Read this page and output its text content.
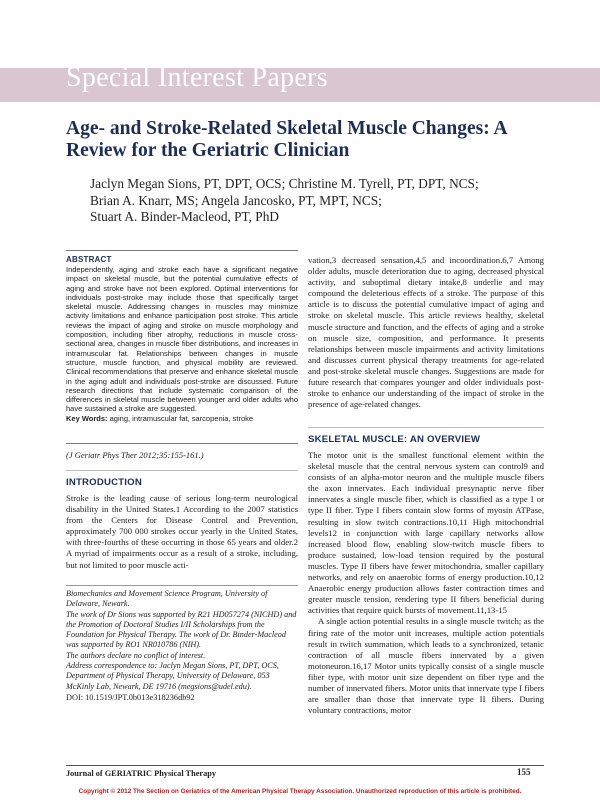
Special Interest Papers
Age- and Stroke-Related Skeletal Muscle Changes: A Review for the Geriatric Clinician
Jaclyn Megan Sions, PT, DPT, OCS; Christine M. Tyrell, PT, DPT, NCS;
Brian A. Knarr, MS; Angela Jancosko, PT, MPT, NCS;
Stuart A. Binder-Macleod, PT, PhD
ABSTRACT

Independently, aging and stroke each have a significant negative impact on skeletal muscle, but the potential cumulative effects of aging and stroke have not been explored. Optimal interventions for individuals post-stroke may include those that specifically target skeletal muscle. Addressing changes in muscles may minimize activity limitations and enhance participation post stroke. This article reviews the impact of aging and stroke on muscle morphology and composition, including fiber atrophy, reductions in muscle cross-sectional area, changes in muscle fiber distributions, and increases in intramuscular fat. Relationships between changes in muscle structure, muscle function, and physical mobility are reviewed. Clinical recommendations that preserve and enhance skeletal muscle in the aging adult and individuals post-stroke are discussed. Future research directions that include systematic comparison of the differences in skeletal muscle between younger and older adults who have sustained a stroke are suggested.

Key Words: aging, intramuscular fat, sarcopenia, stroke

(J Geriatr Phys Ther 2012;35:155-161.)
INTRODUCTION

Stroke is the leading cause of serious long-term neurological disability in the United States.1 According to the 2007 statistics from the Centers for Disease Control and Prevention, approximately 700 000 strokes occur yearly in the United States, with three-fourths of these occurring in those 65 years and older.2 A myriad of impairments occur as a result of a stroke, including, but not limited to poor muscle acti-

Biomechanics and Movement Science Program, University of Delaware, Newark.

The work of Dr Sions was supported by R21 HD057274 (NICHD) and the Promotion of Doctoral Studies I/II Scholarships from the Foundation for Physical Therapy. The work of Dr. Binder-Macleod was supported by RO1 NR010786 (NIH).

The authors declare no conflict of interest.

Address correspondence to: Jaclyn Megan Sions, PT, DPT, OCS, Department of Physical Therapy, University of Delaware, 053 McKinly Lab, Newark, DE 19716 (megsions@udel.edu).

DOI: 10.1519/JPT.0b013e318236db92

vation,3 decreased sensation,4,5 and incoordination.6,7 Among older adults, muscle deterioration due to aging, decreased physical activity, and suboptimal dietary intake,8 underlie and may compound the deleterious effects of a stroke. The purpose of this article is to discuss the potential cumulative impact of aging and stroke on skeletal muscle. This article reviews healthy, skeletal muscle structure and function, and the effects of aging and a stroke on muscle size, composition, and performance. It presents relationships between muscle impairments and activity limitations and discusses current physical therapy treatments for age-related and post-stroke skeletal muscle changes. Suggestions are made for future research that compares younger and older individuals post-stroke to enhance our understanding of the impact of stroke in the presence of age-related changes.

SKELETAL MUSCLE: AN OVERVIEW

The motor unit is the smallest functional element within the skeletal muscle that the central nervous system can control9 and consists of an alpha-motor neuron and the multiple muscle fibers the axon innervates. Each individual presynaptic nerve fiber innervates a single muscle fiber, which is classified as a type I or type II fiber. Type I fibers contain slow forms of myosin ATPase, resulting in slow twitch contractions.10,11 High mitochondrial levels12 in conjunction with large capillary networks allow increased blood flow, enabling slow-twitch muscle fibers to produce sustained, low-load tension required by the postural muscles. Type II fibers have fewer mitochondria, smaller capillary networks, and rely on anaerobic forms of energy production.10,12 Anaerobic energy production allows faster contraction times and greater muscle tension, rendering type II fibers beneficial during activities that require quick bursts of movement.11,13-15

A single action potential results in a single muscle twitch; as the firing rate of the motor unit increases, multiple action potentials result in twitch summation, which leads to a synchronized, tetanic contraction of all muscle fibers innervated by a given motoneuron.16,17 Motor units typically consist of a single muscle fiber type, with motor unit size dependent on fiber type and the number of innervated fibers. Motor units that innervate type I fibers are smaller than those that innervate type II fibers. During voluntary contractions, motor

Journal of GERIATRIC Physical Therapy	155
Copyright © 2012 The Section on Geriatrics of the American Physical Therapy Association. Unauthorized reproduction of this article is prohibited.
